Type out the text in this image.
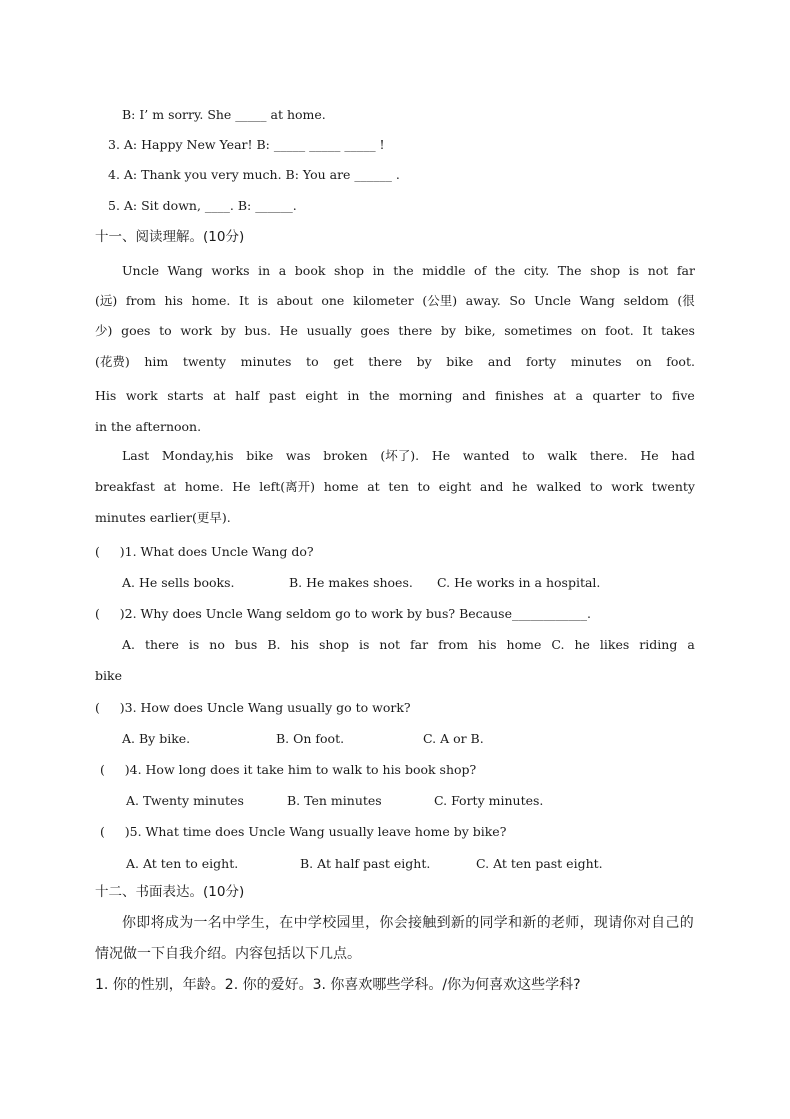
B: I’ m sorry. She _____ at home.
3. A: Happy New Year! B: _____ _____ _____ !
4. A: Thank you very much. B: You are ______ .
5. A: Sit down, ____. B: ______.
十一、阅读理解。(10分)
Uncle Wang works in a book shop in the middle of the city. The shop is not far
(远) from his home. It is about one kilometer (公里) away. So Uncle Wang seldom (很
少) goes to work by bus. He usually goes there by bike, sometimes on foot. It takes
(花费) him twenty minutes to get there by bike and forty minutes on foot.
His work starts at half past eight in the morning and finishes at a quarter to five
in the afternoon.
Last Monday,his bike was broken (坏了). He wanted to walk there. He had
breakfast at home. He left(离开) home at ten to eight and he walked to work twenty
minutes earlier(更早).
(     )1. What does Uncle Wang do?
A. He sells books.	B. He makes shoes. C. He works in a hospital.
(     )2. Why does Uncle Wang seldom go to work by bus? Because____________.
A. there is no bus B. his shop is not far from his home C. he likes riding a
bike
(     )3. How does Uncle Wang usually go to work?
A. By bike.	B. On foot.	C. A or B.
(     )4. How long does it take him to walk to his book shop?
A. Twenty minutes	B. Ten minutes	C. Forty minutes.
(     )5. What time does Uncle Wang usually leave home by bike?
A. At ten to eight.	B. At half past eight.	C. At ten past eight.
十二、书面表达。(10分)
你即将成为一名中学生，在中学校园里，你会接触到新的同学和新的老师，现请你对自己的
情况做一下自我介绍。内容包括以下几点。
1. 你的性别，年龄。2. 你的爱好。3. 你喜欢哪些学科。/你为何喜欢这些学科?
